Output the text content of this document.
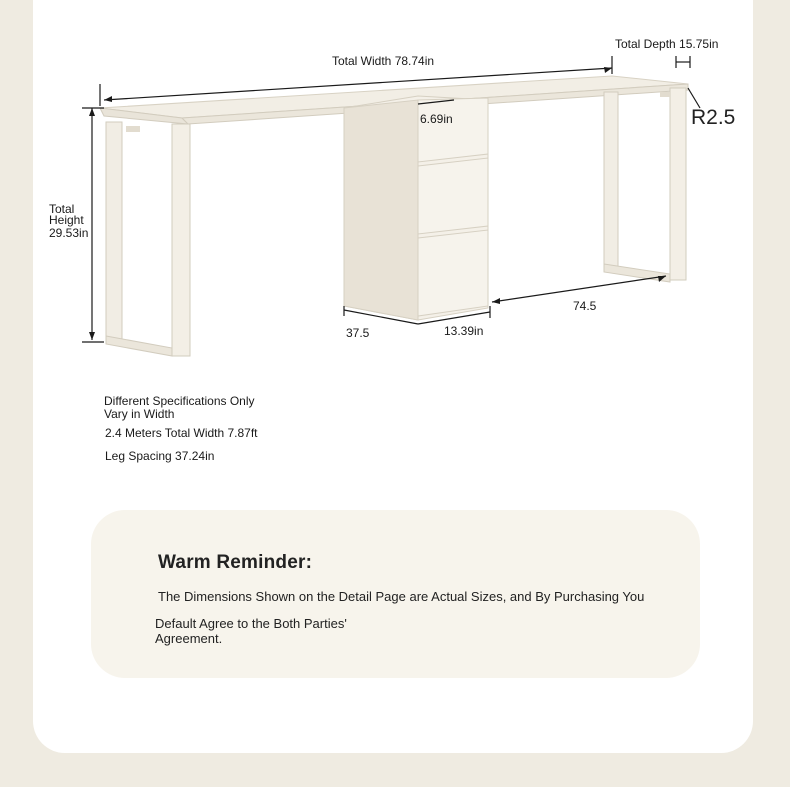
Total Width 78.74in
Total Depth 15.75in
R2.5
6.69in
Total
Height
29.53in
74.5
37.5	13.39in
Different Specifications Only
Vary in Width
2.4 Meters Total Width 7.87ft
Leg Spacing 37.24in
Warm Reminder:
The Dimensions Shown on the Detail Page are Actual Sizes, and By Purchasing You
Default Agree to the Both Parties' Agreement.
